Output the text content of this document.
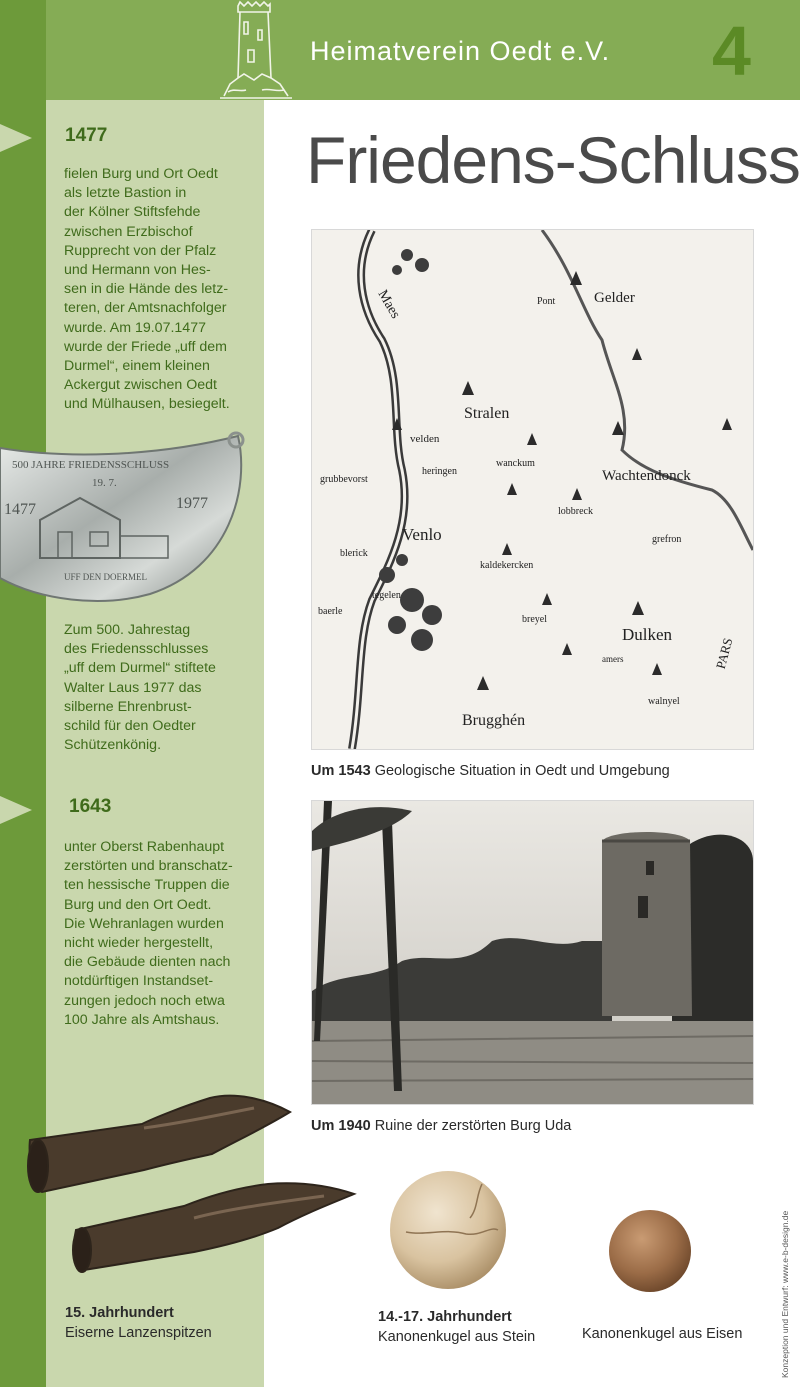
Heimatverein Oedt e.V. 4
Friedens-Schluss
1477
fielen Burg und Ort Oedt
als letzte Bastion in
der Kölner Stiftsfehde
zwischen Erzbischof
Rupprecht von der Pfalz
und Hermann von Hes-
sen in die Hände des letz-
teren, der Amtsnachfolger
wurde. Am 19.07.1477
wurde der Friede „uff dem
Durmel“, einem kleinen
Ackergut zwischen Oedt
und Mülhausen, besiegelt.
500 JAHRE FRIEDENSSCHLUSS
19. 7.
1477	1977
UFF DEN DOERMEL
Zum 500. Jahrestag
des Friedensschlusses
„uff dem Durmel“ stiftete
Walter Laus 1977 das
silberne Ehrenbrust-
schild für den Oedter
Schützenkönig.
1643
unter Oberst Rabenhaupt
zerstörten und branschatz-
ten hessische Truppen die
Burg und den Ort Oedt.
Die Wehranlagen wurden
nicht wieder hergestellt,
die Gebäude dienten nach
notdürftigen Instandset-
zungen jedoch noch etwa
100 Jahre als Amtshaus.
Stralen
Venlo
Dulken
Brugghén
Gelder
Wachtendonck
PARS
Maes
velden
Pont
kaldekercken
breyel
amers
walnyel
grefron
tegelen
baerle
blerick
lobbreck
wanckum
heringen
grubbevorst
Um 1543 Geologische Situation in Oedt und Umgebung
Um 1940 Ruine der zerstörten Burg Uda
15. Jahrhundert
Eiserne Lanzenspitzen
14.-17. Jahrhundert
Kanonenkugel aus Stein	Kanonenkugel aus Eisen	Konzeption und Entwurf: www.e-b-design.de
